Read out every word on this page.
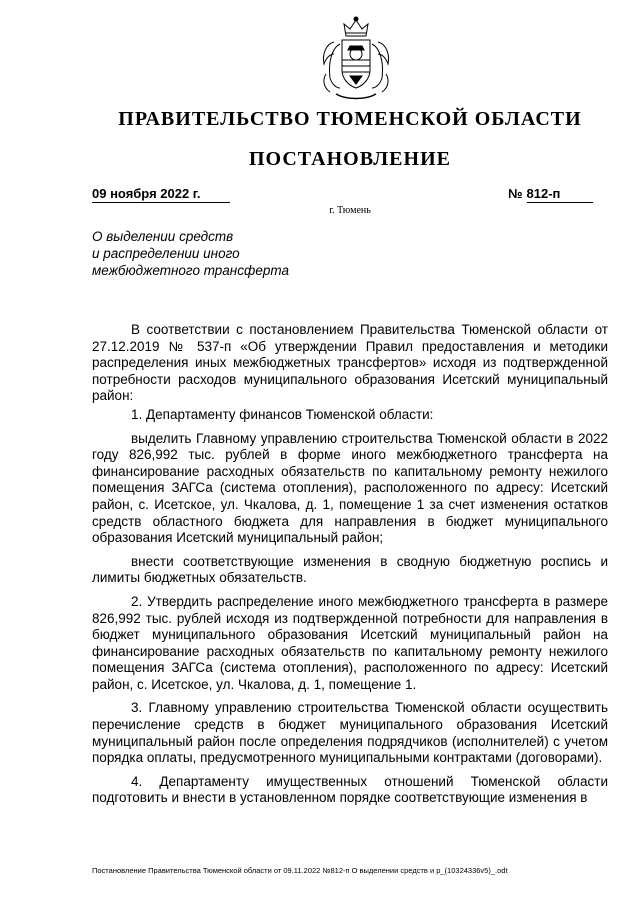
ПРАВИТЕЛЬСТВО ТЮМЕНСКОЙ ОБЛАСТИ
ПОСТАНОВЛЕНИЕ
09 ноября 2022 г.	№ 812-п
г. Тюмень
О выделении средств
и распределении иного
межбюджетного трансферта

В соответствии с постановлением Правительства Тюменской области от 27.12.2019 № 537-п «Об утверждении Правил предоставления и методики распределения иных межбюджетных трансфертов» исходя из подтвержденной потребности расходов муниципального образования Исетский муниципальный район:

1. Департаменту финансов Тюменской области:

выделить Главному управлению строительства Тюменской области в 2022 году 826,992 тыс. рублей в форме иного межбюджетного трансферта на финансирование расходных обязательств по капитальному ремонту нежилого помещения ЗАГСа (система отопления), расположенного по адресу: Исетский район, с. Исетское, ул. Чкалова, д. 1, помещение 1 за счет изменения остатков средств областного бюджета для направления в бюджет муниципального образования Исетский муниципальный район;

внести соответствующие изменения в сводную бюджетную роспись и лимиты бюджетных обязательств.

2. Утвердить распределение иного межбюджетного трансферта в размере 826,992 тыс. рублей исходя из подтвержденной потребности для направления в бюджет муниципального образования Исетский муниципальный район на финансирование расходных обязательств по капитальному ремонту нежилого помещения ЗАГСа (система отопления), расположенного по адресу: Исетский район, с. Исетское, ул. Чкалова, д. 1, помещение 1.

3. Главному управлению строительства Тюменской области осуществить перечисление средств в бюджет муниципального образования Исетский муниципальный район после определения подрядчиков (исполнителей) с учетом порядка оплаты, предусмотренного муниципальными контрактами (договорами).

4. Департаменту имущественных отношений Тюменской области подготовить и внести в установленном порядке соответствующие изменения в

Постановление Правительства Тюменской области от 09.11.2022 №812-п О выделении средств и р_(10324336v5)_.odt
